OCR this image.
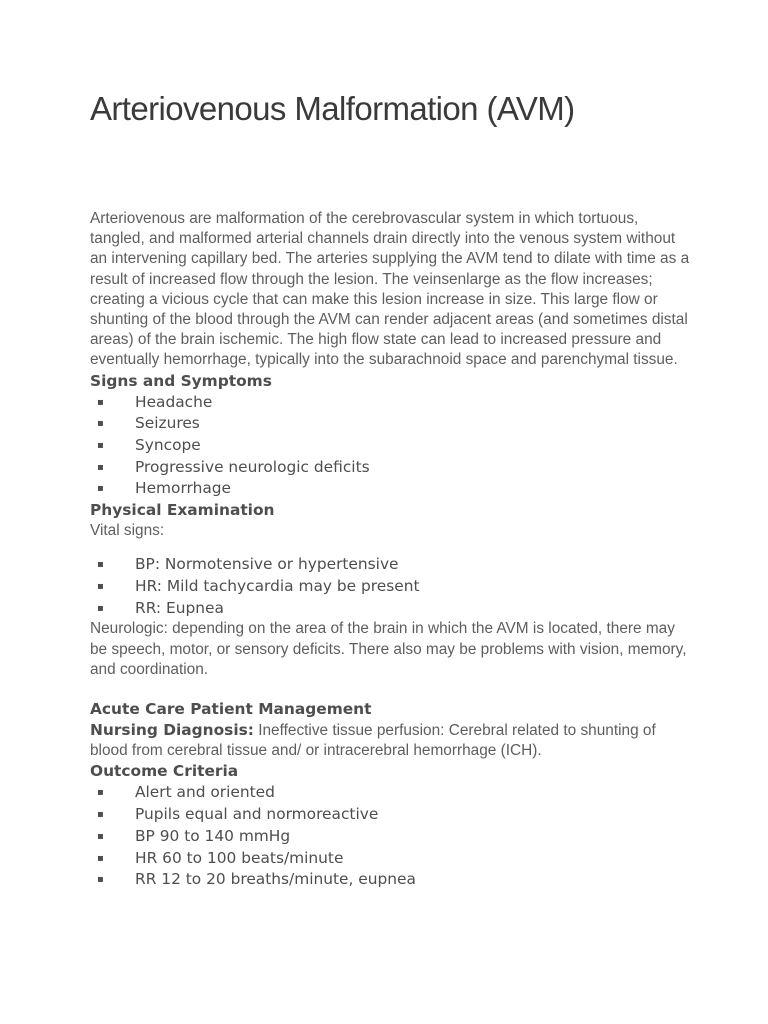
Arteriovenous Malformation (AVM)

Arteriovenous are malformation of the cerebrovascular system in which tortuous, tangled, and malformed arterial channels drain directly into the venous system without an intervening capillary bed. The arteries supplying the AVM tend to dilate with time as a result of increased flow through the lesion. The veinsenlarge as the flow increases; creating a vicious cycle that can make this lesion increase in size. This large flow or shunting of the blood through the AVM can render adjacent areas (and sometimes distal areas) of the brain ischemic. The high flow state can lead to increased pressure and eventually hemorrhage, typically into the subarachnoid space and parenchymal tissue.

Signs and Symptoms
▪ Headache
▪ Seizures
▪ Syncope
▪ Progressive neurologic deficits
▪ Hemorrhage
Physical Examination

Vital signs:

▪ BP: Normotensive or hypertensive
▪ HR: Mild tachycardia may be present
▪ RR: Eupnea

Neurologic: depending on the area of the brain in which the AVM is located, there may be speech, motor, or sensory deficits. There also may be problems with vision, memory, and coordination.

Acute Care Patient Management

Nursing Diagnosis: Ineffective tissue perfusion: Cerebral related to shunting of blood from cerebral tissue and/ or intracerebral hemorrhage (ICH).

Outcome Criteria
▪ Alert and oriented
▪ Pupils equal and normoreactive
▪ BP 90 to 140 mmHg
▪ HR 60 to 100 beats/minute
▪ RR 12 to 20 breaths/minute, eupnea
